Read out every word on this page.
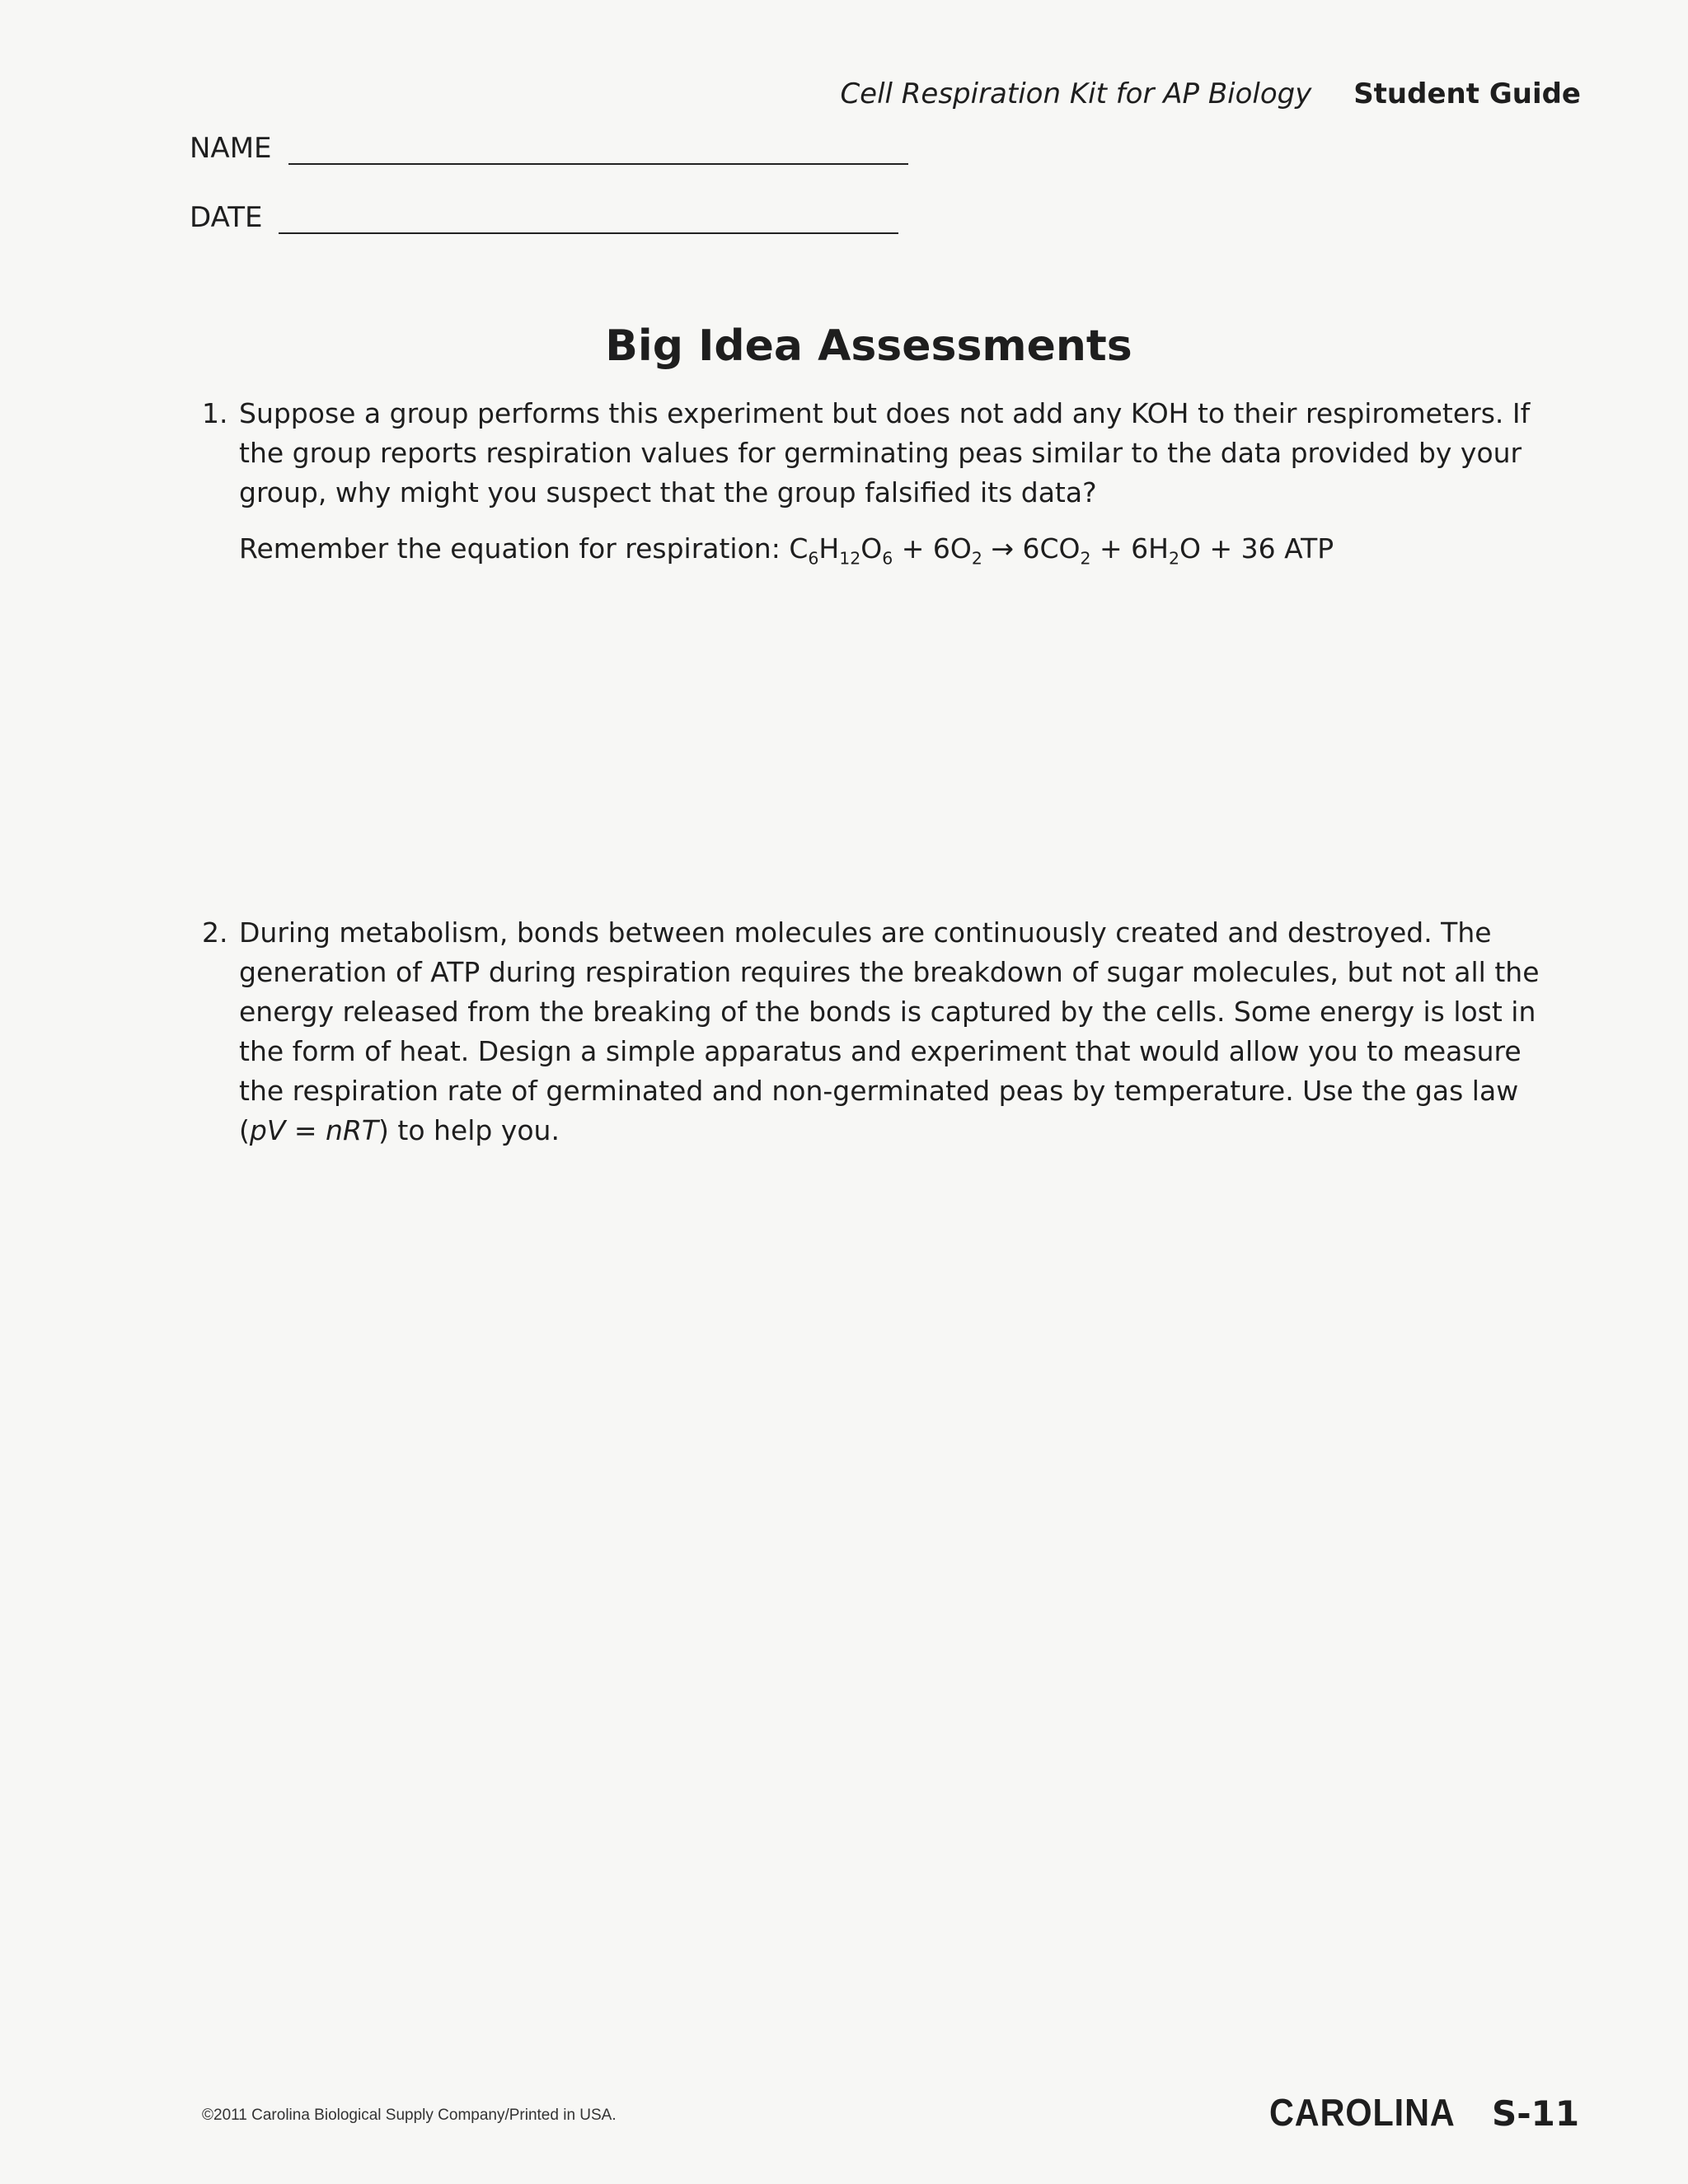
Cell Respiration Kit for AP Biology Student Guide
NAME
DATE
Big Idea Assessments
1. Suppose a group performs this experiment but does not add any KOH to their respirometers. If the group reports respiration values for germinating peas similar to the data provided by your group, why might you suspect that the group falsified its data?
Remember the equation for respiration: $C_6H_{12}O_6 + 6O_2 \to 6CO_2 + 6H_2O + 36$ ATP
2. During metabolism, bonds between molecules are continuously created and destroyed. The generation of ATP during respiration requires the breakdown of sugar molecules, but not all the energy released from the breaking of the bonds is captured by the cells. Some energy is lost in the form of heat. Design a simple apparatus and experiment that would allow you to measure the respiration rate of germinated and non-germinated peas by temperature. Use the gas law (pV = nRT) to help you.
©2011 Carolina Biological Supply Company/Printed in USA.	CAROLINA S-11
